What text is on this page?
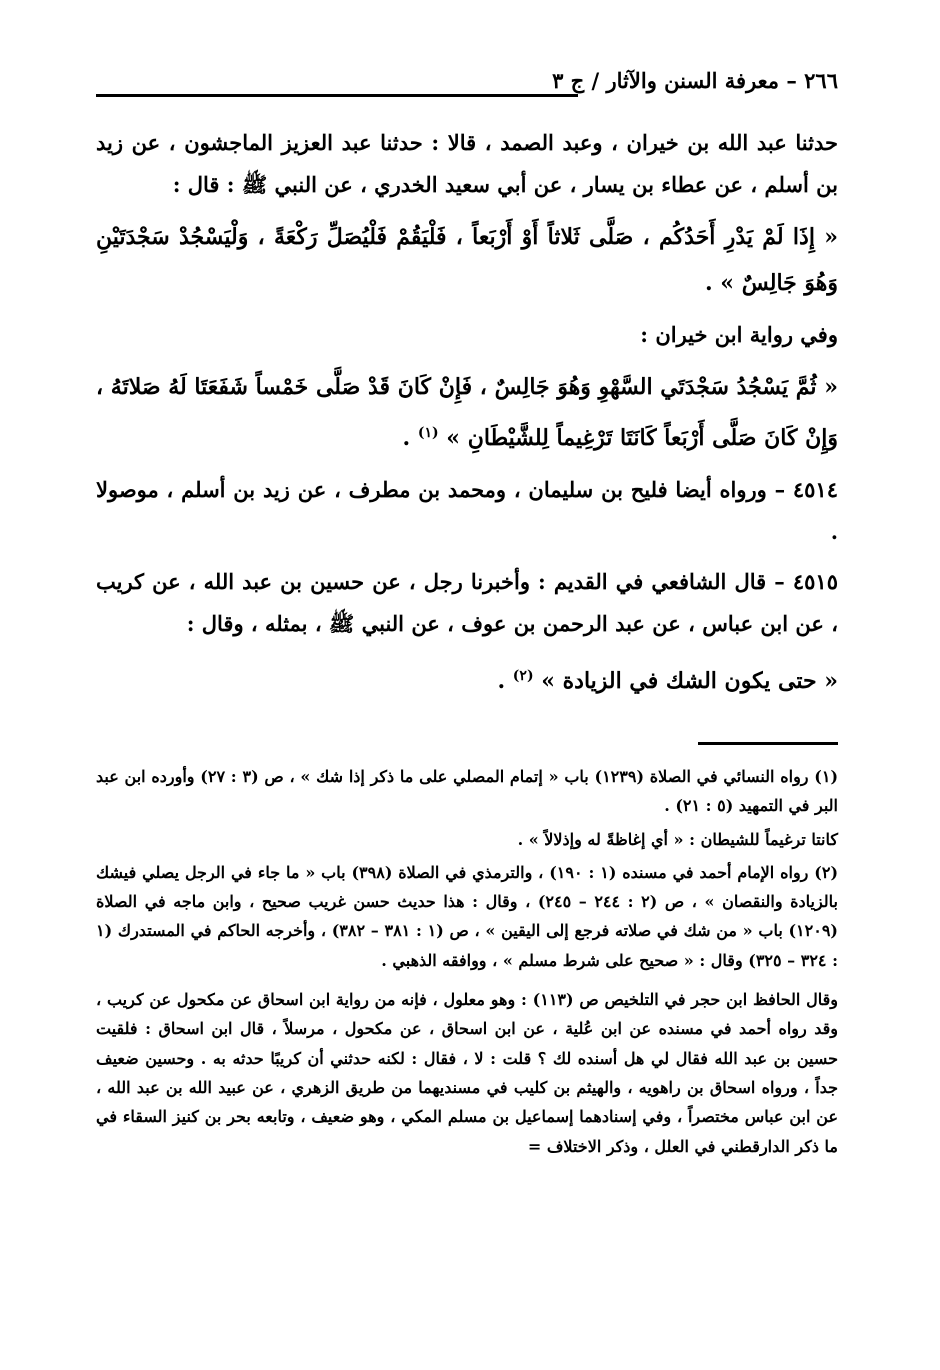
٢٦٦ – معرفة السنن والآثار / ج ٣

حدثنا عبد الله بن خيران ، وعبد الصمد ، قالا : حدثنا عبد العزيز الماجشون ، عن زيد بن أسلم ، عن عطاء بن يسار ، عن أبي سعيد الخدري ، عن النبي ﷺ : قال :

« إِذَا لَمْ يَدْرِ أَحَدُكُم ، صَلَّى ثَلاثاً أَوْ أَرْبَعاً ، فَلْيَقُمْ فَلْيُصَلِّ رَكْعَةً ، وَلْيَسْجُدْ سَجْدَتَيْنِ وَهُوَ جَالِسٌ » .

وفي رواية ابن خيران :

« ثُمَّ يَسْجُدُ سَجْدَتَي السَّهْوِ وَهُوَ جَالِسٌ ، فَإِنْ كَانَ قَدْ صَلَّى خَمْساً شَفَعَتَا لَهُ صَلاتَهُ ، وَإِنْ كَانَ صَلَّى أَرْبَعاً كَانَتَا تَرْغِيماً لِلشَّيْطَانِ » $^{(١)}$ .

٤٥١٤ – ورواه أيضا فليح بن سليمان ، ومحمد بن مطرف ، عن زيد بن أسلم ، موصولا .

٤٥١٥ – قال الشافعي في القديم : وأخبرنا رجل ، عن حسين بن عبد الله ، عن كريب ، عن ابن عباس ، عن عبد الرحمن بن عوف ، عن النبي ﷺ ، بمثله ، وقال :

« حتى يكون الشك في الزيادة » $^{(٢)}$ .

(١) رواه النسائي في الصلاة (١٢٣٩) باب « إتمام المصلي على ما ذكر إذا شك » ، ص (٣ : ٢٧) وأورده ابن عبد البر في التمهيد (٥ : ٢١) .

كانتا ترغيماً للشيطان : « أي إغاظةً له وإذلالاً » .

(٢) رواه الإمام أحمد في مسنده (١ : ١٩٠) ، والترمذي في الصلاة (٣٩٨) باب « ما جاء في الرجل يصلي فيشك بالزيادة والنقصان » ، ص (٢ : ٢٤٤ – ٢٤٥) ، وقال : هذا حديث حسن غريب صحيح ، وابن ماجه في الصلاة (١٢٠٩) باب « من شك في صلاته فرجع إلى اليقين » ، ص (١ : ٣٨١ – ٣٨٢) ، وأخرجه الحاكم في المستدرك (١ : ٣٢٤ – ٣٢٥) وقال : « صحيح على شرط مسلم » ، ووافقه الذهبي .

وقال الحافظ ابن حجر في التلخيص ص (١١٣) : وهو معلول ، فإنه من رواية ابن اسحاق عن مكحول عن كريب ، وقد رواه أحمد في مسنده عن ابن عُلية ، عن ابن اسحاق ، عن مكحول ، مرسلاً ، قال ابن اسحاق : فلقيت حسين بن عبد الله فقال لي هل أسنده لك ؟ قلت : لا ، فقال : لكنه حدثني أن كريبًا حدثه به . وحسين ضعيف جداً ، ورواه اسحاق بن راهويه ، والهيثم بن كليب في مسنديهما من طريق الزهري ، عن عبيد الله بن عبد الله ، عن ابن عباس مختصراً ، وفي إسنادهما إسماعيل بن مسلم المكي ، وهو ضعيف ، وتابعه بحر بن كنيز السقاء في ما ذكر الدارقطني في العلل ، وذكر الاختلاف =
